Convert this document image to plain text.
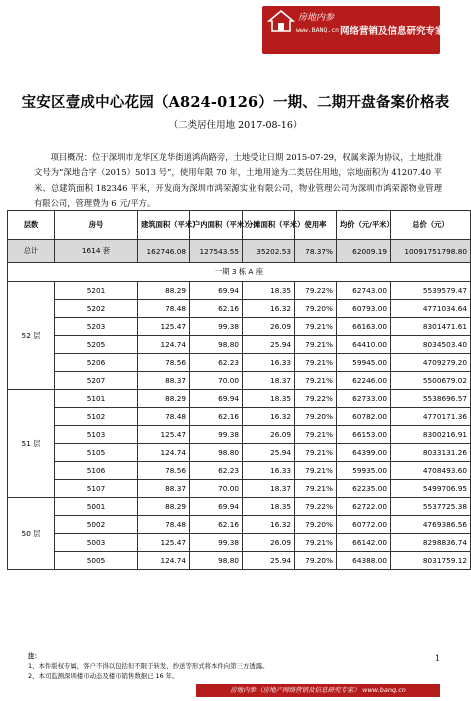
房地内参
www.BANQ.cn 网络营销及信息研究专家
宝安区壹成中心花园（A824-0126）一期、二期开盘备案价格表
（二类居住用地 2017-08-16）
项目概况：位于深圳市龙华区龙华街道鸿尚路旁，土地受让日期 2015-07-29，权属来源为协议，土地批准文号为“深地合字（2015）5013 号”，使用年限 70 年，土地用途为二类居住用地，宗地面积为 41207.40 平米、总建筑面积 182346 平米，开发商为深圳市鸿荣源实业有限公司，物业管理公司为深圳市鸿荣源物业管理有限公司，管理费为 6 元/平方。
层数	房号	建筑面积（平米）	户内面积（平米）	分摊面积（平米）	使用率	均价（元/平米）	总价（元）
总计	1614 套	162746.08	127543.55	35202.53	78.37%	62009.19	10091751798.80
一期 3 栋 A 座							
52 层	5201	88.29	69.94	18.35	79.22%	62743.00	5539579.47
	5202	78.48	62.16	16.32	79.20%	60793.00	4771034.64
	5203	125.47	99.38	26.09	79.21%	66163.00	8301471.61
	5205	124.74	98.80	25.94	79.21%	64410.00	8034503.40
	5206	78.56	62.23	16.33	79.21%	59945.00	4709279.20
	5207	88.37	70.00	18.37	79.21%	62246.00	5500679.02
51 层	5101	88.29	69.94	18.35	79.22%	62733.00	5538696.57
	5102	78.48	62.16	16.32	79.20%	60782.00	4770171.36
	5103	125.47	99.38	26.09	79.21%	66153.00	8300216.91
	5105	124.74	98.80	25.94	79.21%	64399.00	8033131.26
	5106	78.56	62.23	16.33	79.21%	59935.00	4708493.60
	5107	88.37	70.00	18.37	79.21%	62235.00	5499706.95
50 层	5001	88.29	69.94	18.35	79.22%	62722.00	5537725.38
	5002	78.48	62.16	16.32	79.20%	60772.00	4769386.56
	5003	125.47	99.38	26.09	79.21%	66142.00	8298836.74
	5005	124.74	98.80	25.94	79.20%	64388.00	8031759.12
注：
1、本件版权专属，客户不得以包括但不限于转发、抄送等形式将本件向第三方透露。
2、本司监测深圳楼市动态及楼市销售数据已 16 年。
1
房地内参（房地产网络营销及信息研究专家） www.banq.cn
